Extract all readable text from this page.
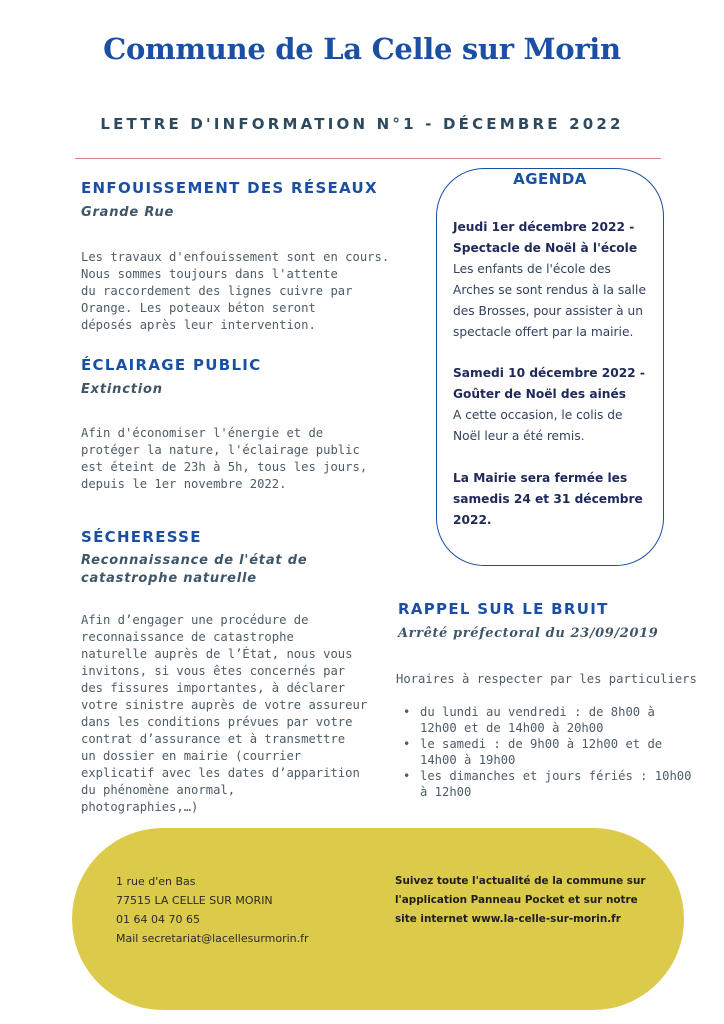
Commune de La Celle sur Morin
LETTRE D'INFORMATION N°1 - DÉCEMBRE 2022
ENFOUISSEMENT DES RÉSEAUX
Grande Rue
Les travaux d'enfouissement sont en cours.
Nous sommes toujours dans l'attente
du raccordement des lignes cuivre par
Orange. Les poteaux béton seront
déposés après leur intervention.
ÉCLAIRAGE PUBLIC
Extinction
Afin d'économiser l'énergie et de
protéger la nature, l'éclairage public
est éteint de 23h à 5h, tous les jours,
depuis le 1er novembre 2022.
SÉCHERESSE
Reconnaissance de l'état de
catastrophe naturelle
Afin d’engager une procédure de
reconnaissance de catastrophe
naturelle auprès de l’État, nous vous
invitons, si vous êtes concernés par
des fissures importantes, à déclarer
votre sinistre auprès de votre assureur
dans les conditions prévues par votre
contrat d’assurance et à transmettre
un dossier en mairie (courrier
explicatif avec les dates d’apparition
du phénomène anormal,
photographies,…)
AGENDA
Jeudi 1er décembre 2022 -
Spectacle de Noël à l'école
Les enfants de l'école des
Arches se sont rendus à la salle
des Brosses, pour assister à un
spectacle offert par la mairie.
Samedi 10 décembre 2022 -
Goûter de Noël des ainés
A cette occasion, le colis de
Noël leur a été remis.
La Mairie sera fermée les
samedis 24 et 31 décembre
2022.
RAPPEL SUR LE BRUIT
Arrêté préfectoral du 23/09/2019
Horaires à respecter par les particuliers
• du lundi au vendredi : de 8h00 à
12h00 et de 14h00 à 20h00
• le samedi : de 9h00 à 12h00 et de
14h00 à 19h00
• les dimanches et jours fériés : 10h00
à 12h00
1 rue d'en Bas
77515 LA CELLE SUR MORIN
01 64 04 70 65
Mail secretariat@lacellesurmorin.fr
Suivez toute l'actualité de la commune sur
l'application Panneau Pocket et sur notre
site internet www.la-celle-sur-morin.fr
